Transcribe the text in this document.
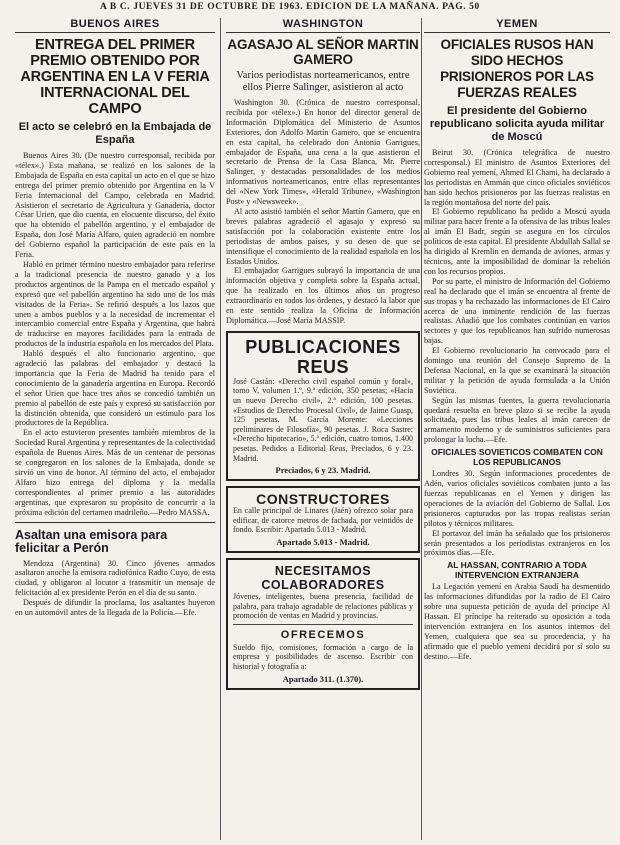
A B C. JUEVES 31 DE OCTUBRE DE 1963. EDICION DE LA MAÑANA. PAG. 50
BUENOS AIRES
ENTREGA DEL PRIMER PREMIO OBTENIDO POR ARGENTINA EN LA V FERIA INTERNACIONAL DEL CAMPO
El acto se celebró en la Embajada de España

Buenos Aires 30. (De nuestro corresponsal, recibida por «télex».) Esta mañana, se realizó en los salones de la Embajada de España en esta capital un acto en el que se hizo entrega del primer premio obtenido por Argentina en la V Feria Internacional del Campo, celebrada en Madrid. Asistieron el secretario de Agricultura y Ganadería, doctor César Urien, que dio cuenta, en elocuente discurso, del éxito que ha obtenido el pabellón argentino, y el embajador de España, don José María Alfaro, quien agradeció en nombre del Gobierno español la participación de este país en la Feria.

Habló en primer término nuestro embajador para referirse a la tradicional presencia de nuestro ganado y a los productos argentinos de la Pampa en el mercado español y expresó que «el pabellón argentino ha sido uno de los más visitados de la Feria». Se refirió después a los lazos que unen a ambos pueblos y a la necesidad de incrementar el intercambio comercial entre España y Argentina, que habrá de traducirse en mayores facilidades para la entrada de productos de la industria española en los mercados del Plata.

Habló después el alto funcionario argentino, que agradeció las palabras del embajador y destacó la importancia que la Feria de Madrid ha tenido para el conocimiento de la ganadería argentina en Europa. Recordó el señor Urien que hace tres años se concedió también un premio al pabellón de este país y expresó su satisfacción por la distinción obtenida, que consideró un estímulo para los productores de la República.

En el acto estuvieron presentes también miembros de la Sociedad Rural Argentina y representantes de la colectividad española de Buenos Aires. Más de un centenar de personas se congregaron en los salones de la Embajada, donde se sirvió un vino de honor. Al término del acto, el embajador Alfaro hizo entrega del diploma y la medalla correspondientes al primer premio a las autoridades argentinas, que expresaron su propósito de concurrir a la próxima edición del certamen madrileño.—Pedro MASSA.

Asaltan una emisora para felicitar a Perón

Mendoza (Argentina) 30. Cinco jóvenes armados asaltaron anoche la emisora radiofónica Radio Cuyo, de esta ciudad, y obligaron al locutor a transmitir un mensaje de felicitación al ex presidente Perón en el día de su santo.

Después de difundir la proclama, los asaltantes huyeron en un automóvil antes de la llegada de la Policía.—Efe.

WASHINGTON
AGASAJO AL SEÑOR MARTIN GAMERO
Varios periodistas norteamericanos, entre ellos Pierre Salinger, asistieron al acto

Washington 30. (Crónica de nuestro corresponsal, recibida por «télex».) En honor del director general de Información Diplomática del Ministerio de Asuntos Exteriores, don Adolfo Martín Gamero, que se encuentra en esta capital, ha celebrado don Antonio Garrigues, embajador de España, una cena a la que asistieron el secretario de Prensa de la Casa Blanca, Mr. Pierre Salinger, y destacadas personalidades de los medios informativos norteamericanos, entre ellas representantes del «New York Times», «Herald Tribune», «Washington Post» y «Newsweek».

Al acto asistió también el señor Martín Gamero, que en breves palabras agradeció el agasajo y expresó su satisfacción por la colaboración existente entre los periodistas de ambos países, y su deseo de que se intensifique el conocimiento de la realidad española en los Estados Unidos.

El embajador Garrigues subrayó la importancia de una información objetiva y completa sobre la España actual, que ha realizado en los últimos años un progreso extraordinario en todos los órdenes, y destacó la labor que en este sentido realiza la Oficina de Información Diplomática.—José María MASSIP.

PUBLICACIONES REUS

José Castán: «Derecho civil español común y foral», tomo V, volumen 1.º, 9.ª edición, 350 pesetas; «Hacia un nuevo Derecho civil», 2.ª edición, 100 pesetas. «Estudios de Derecho Procesal Civil», de Jaime Guasp, 125 pesetas. M. García Morente: «Lecciones preliminares de Filosofía», 90 pesetas. J. Roca Sastre: «Derecho hipotecario», 5.ª edición, cuatro tomos, 1.400 pesetas. Pedidos a Editorial Reus, Preciados, 6 y 23. Madrid.

Preciados, 6 y 23. Madrid.
CONSTRUCTORES

En calle principal de Linares (Jaén) ofrezco solar para edificar, de catorce metros de fachada, por veintidós de fondo. Escribir: Apartado 5.013 - Madrid.

Apartado 5.013 - Madrid.
NECESITAMOS COLABORADORES

Jóvenes, inteligentes, buena presencia, facilidad de palabra, para trabajo agradable de relaciones públicas y promoción de ventas en Madrid y provincias.

OFRECEMOS

Sueldo fijo, comisiones, formación a cargo de la empresa y posibilidades de ascenso. Escribir con historial y fotografía a:

Apartado 311. (1.370).
YEMEN
OFICIALES RUSOS HAN SIDO HECHOS PRISIONEROS POR LAS FUERZAS REALES
El presidente del Gobierno republicano solicita ayuda militar de Moscú

Beirut 30. (Crónica telegráfica de nuestro corresponsal.) El ministro de Asuntos Exteriores del Gobierno real yemení, Ahmed El Chami, ha declarado a los periodistas en Ammán que cinco oficiales soviéticos han sido hechos prisioneros por las fuerzas realistas en la región montañosa del norte del país.

El Gobierno republicano ha pedido a Moscú ayuda militar para hacer frente a la ofensiva de las tribus leales al imán El Badr, según se asegura en los círculos políticos de esta capital. El presidente Abdullah Sallal se ha dirigido al Kremlin en demanda de aviones, armas y técnicos, ante la imposibilidad de dominar la rebelión con los recursos propios.

Por su parte, el ministro de Información del Gobierno real ha declarado que el imán se encuentra al frente de sus tropas y ha rechazado las informaciones de El Cairo acerca de una inminente rendición de las fuerzas realistas. Añadió que los combates continúan en varios sectores y que los republicanos han sufrido numerosas bajas.

El Gobierno revolucionario ha convocado para el domingo una reunión del Consejo Supremo de la Defensa Nacional, en la que se examinará la situación militar y la petición de ayuda formulada a la Unión Soviética.

Según las mismas fuentes, la guerra revolucionaria quedará resuelta en breve plazo si se recibe la ayuda solicitada, pues las tribus leales al imán carecen de armamento moderno y de suministros suficientes para prolongar la lucha.—Efe.

OFICIALES SOVIETICOS COMBATEN CON LOS REPUBLICANOS

Londres 30. Según informaciones procedentes de Adén, varios oficiales soviéticos combaten junto a las fuerzas republicanas en el Yemen y dirigen las operaciones de la aviación del Gobierno de Sallal. Los prisioneros capturados por las tropas realistas serían pilotos y técnicos militares.

El portavoz del imán ha señalado que los prisioneros serán presentados a los periodistas extranjeros en los próximos días.—Efe.

AL HASSAN, CONTRARIO A TODA INTERVENCION EXTRANJERA

La Legación yemení en Arabia Saudí ha desmentido las informaciones difundidas por la radio de El Cairo sobre una supuesta petición de ayuda del príncipe Al Hassan. El príncipe ha reiterado su oposición a toda intervención extranjera en los asuntos internos del Yemen, cualquiera que sea su procedencia, y ha afirmado que el pueblo yemení decidirá por sí solo su destino.—Efe.
